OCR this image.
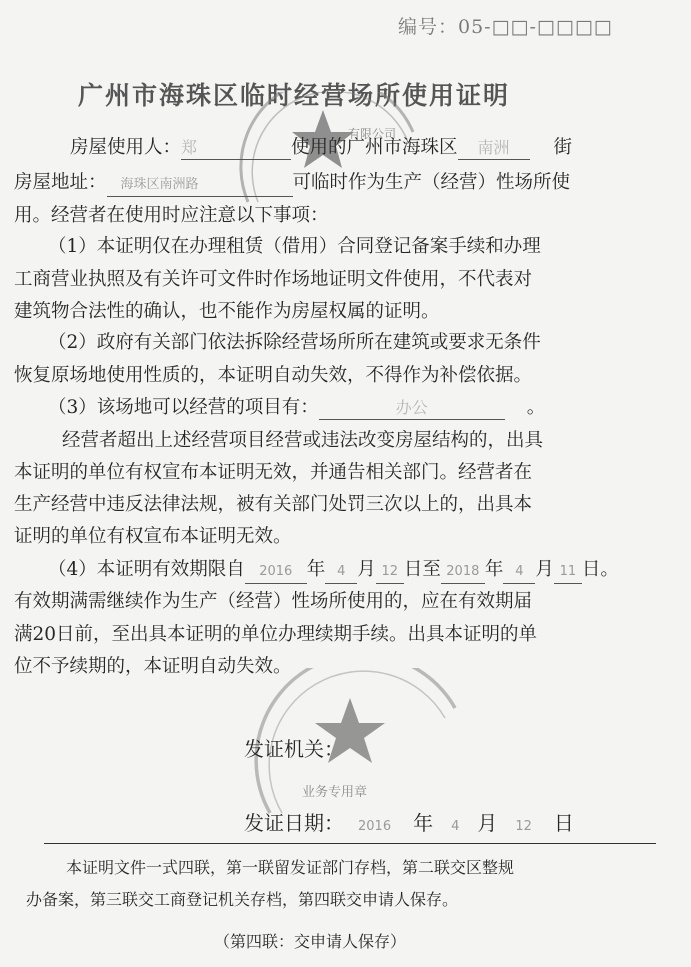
编号：05-□□-□□□□
广州市海珠区临时经营场所使用证明
有限公司
房屋使用人：郑	使用的广州市海珠区 南洲 街
房屋地址： 海珠区南洲路	可临时作为生产（经营）性场所使
用。经营者在使用时应注意以下事项：
（1）本证明仅在办理租赁（借用）合同登记备案手续和办理
工商营业执照及有关许可文件时作场地证明文件使用，不代表对
建筑物合法性的确认，也不能作为房屋权属的证明。
（2）政府有关部门依法拆除经营场所所在建筑或要求无条件
恢复原场地使用性质的，本证明自动失效，不得作为补偿依据。
（3）该场地可以经营的项目有：	办公	。
经营者超出上述经营项目经营或违法改变房屋结构的，出具
本证明的单位有权宣布本证明无效，并通告相关部门。经营者在
生产经营中违反法律法规，被有关部门处罚三次以上的，出具本
证明的单位有权宣布本证明无效。
（4）本证明有效期限自 2016 年 4 月 12 日至 2018 年 4 月 11 日。
有效期满需继续作为生产（经营）性场所使用的，应在有效期届
满20日前，至出具本证明的单位办理续期手续。出具本证明的单
位不予续期的，本证明自动失效。
业务专用章
发证机关：
发证日期： 2016 年 4 月 12 日
本证明文件一式四联，第一联留发证部门存档，第二联交区整规
办备案，第三联交工商登记机关存档，第四联交申请人保存。
（第四联：交申请人保存）
